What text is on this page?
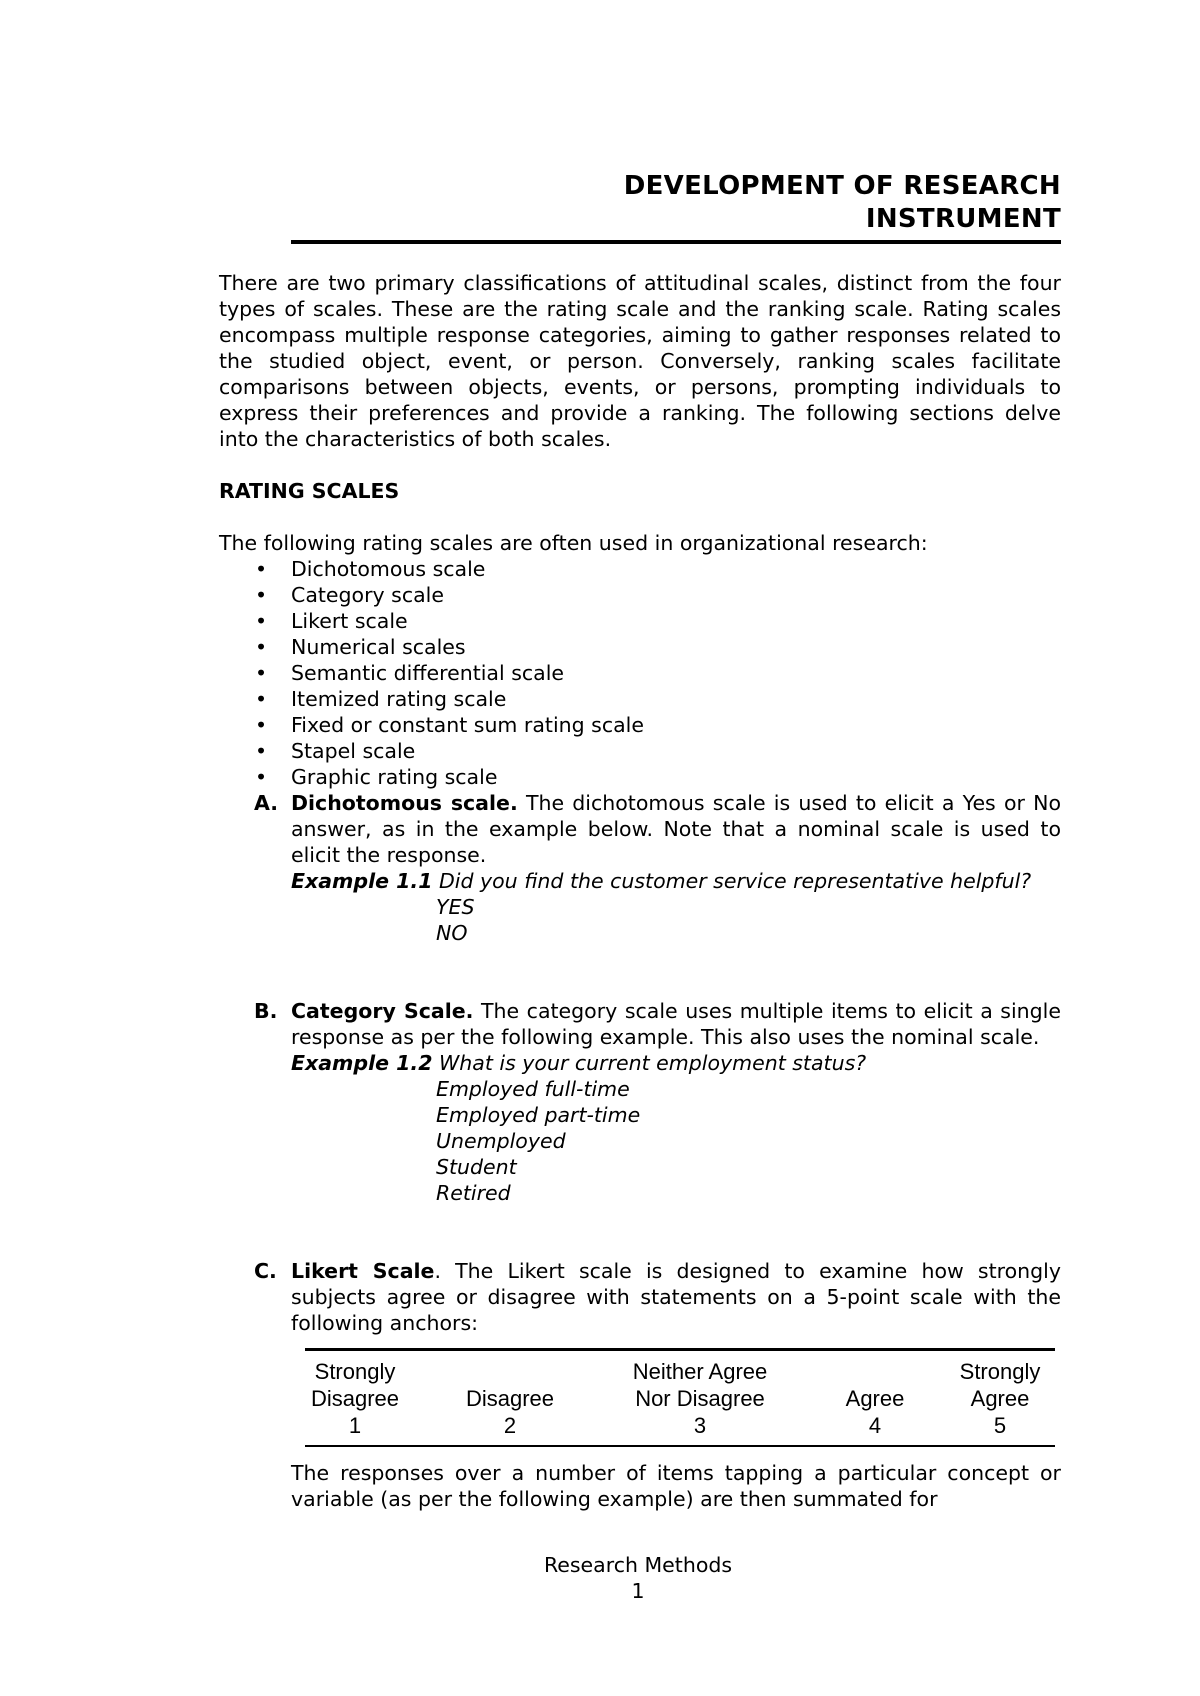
DEVELOPMENT OF RESEARCH
INSTRUMENT
There are two primary classifications of attitudinal scales, distinct from the four types of scales. These are the rating scale and the ranking scale. Rating scales encompass multiple response categories, aiming to gather responses related to the studied object, event, or person. Conversely, ranking scales facilitate comparisons between objects, events, or persons, prompting individuals to express their preferences and provide a ranking. The following sections delve into the characteristics of both scales.
RATING SCALES
The following rating scales are often used in organizational research:
• Dichotomous scale
• Category scale
• Likert scale
• Numerical scales
• Semantic differential scale
• Itemized rating scale
• Fixed or constant sum rating scale
• Stapel scale
• Graphic rating scale
A. Dichotomous scale. The dichotomous scale is used to elicit a Yes or No answer, as in the example below. Note that a nominal scale is used to elicit the response.
Example 1.1 Did you find the customer service representative helpful?
YES
NO
B. Category Scale. The category scale uses multiple items to elicit a single response as per the following example. This also uses the nominal scale.
Example 1.2 What is your current employment status?
Employed full-time
Employed part-time
Unemployed
Student
Retired
C. Likert Scale. The Likert scale is designed to examine how strongly subjects agree or disagree with statements on a 5-point scale with the following anchors:
Strongly
Disagree
1
Disagree
2
Neither Agree
Nor Disagree
3
Agree
4
Strongly
Agree
5
The responses over a number of items tapping a particular concept or variable (as per the following example) are then summated for
Research Methods
1
